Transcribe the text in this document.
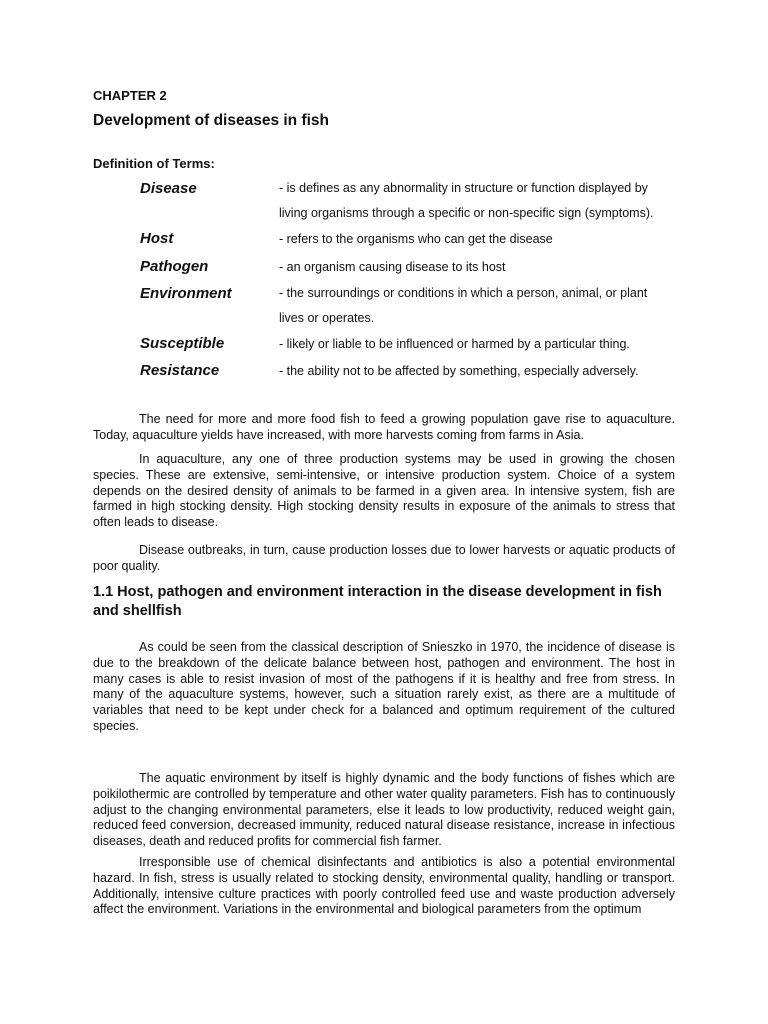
CHAPTER 2
Development of diseases in fish
Definition of Terms:
Disease	- is defines as any abnormality in structure or function displayed by living organisms through a specific or non-specific sign (symptoms).
Host	- refers to the organisms who can get the disease
Pathogen	- an organism causing disease to its host
Environment	- the surroundings or conditions in which a person, animal, or plant lives or operates.
Susceptible	- likely or liable to be influenced or harmed by a particular thing.
Resistance	- the ability not to be affected by something, especially adversely.

The need for more and more food fish to feed a growing population gave rise to aquaculture. Today, aquaculture yields have increased, with more harvests coming from farms in Asia.

In aquaculture, any one of three production systems may be used in growing the chosen species. These are extensive, semi-intensive, or intensive production system. Choice of a system depends on the desired density of animals to be farmed in a given area. In intensive system, fish are farmed in high stocking density. High stocking density results in exposure of the animals to stress that often leads to disease.

Disease outbreaks, in turn, cause production losses due to lower harvests or aquatic products of poor quality.

1.1 Host, pathogen and environment interaction in the disease development in fish and shellfish

As could be seen from the classical description of Snieszko in 1970, the incidence of disease is due to the breakdown of the delicate balance between host, pathogen and environment. The host in many cases is able to resist invasion of most of the pathogens if it is healthy and free from stress. In many of the aquaculture systems, however, such a situation rarely exist, as there are a multitude of variables that need to be kept under check for a balanced and optimum requirement of the cultured species.

The aquatic environment by itself is highly dynamic and the body functions of fishes which are poikilothermic are controlled by temperature and other water quality parameters. Fish has to continuously adjust to the changing environmental parameters, else it leads to low productivity, reduced weight gain, reduced feed conversion, decreased immunity, reduced natural disease resistance, increase in infectious diseases, death and reduced profits for commercial fish farmer.

Irresponsible use of chemical disinfectants and antibiotics is also a potential environmental hazard. In fish, stress is usually related to stocking density, environmental quality, handling or transport. Additionally, intensive culture practices with poorly controlled feed use and waste production adversely affect the environment. Variations in the environmental and biological parameters from the optimum
